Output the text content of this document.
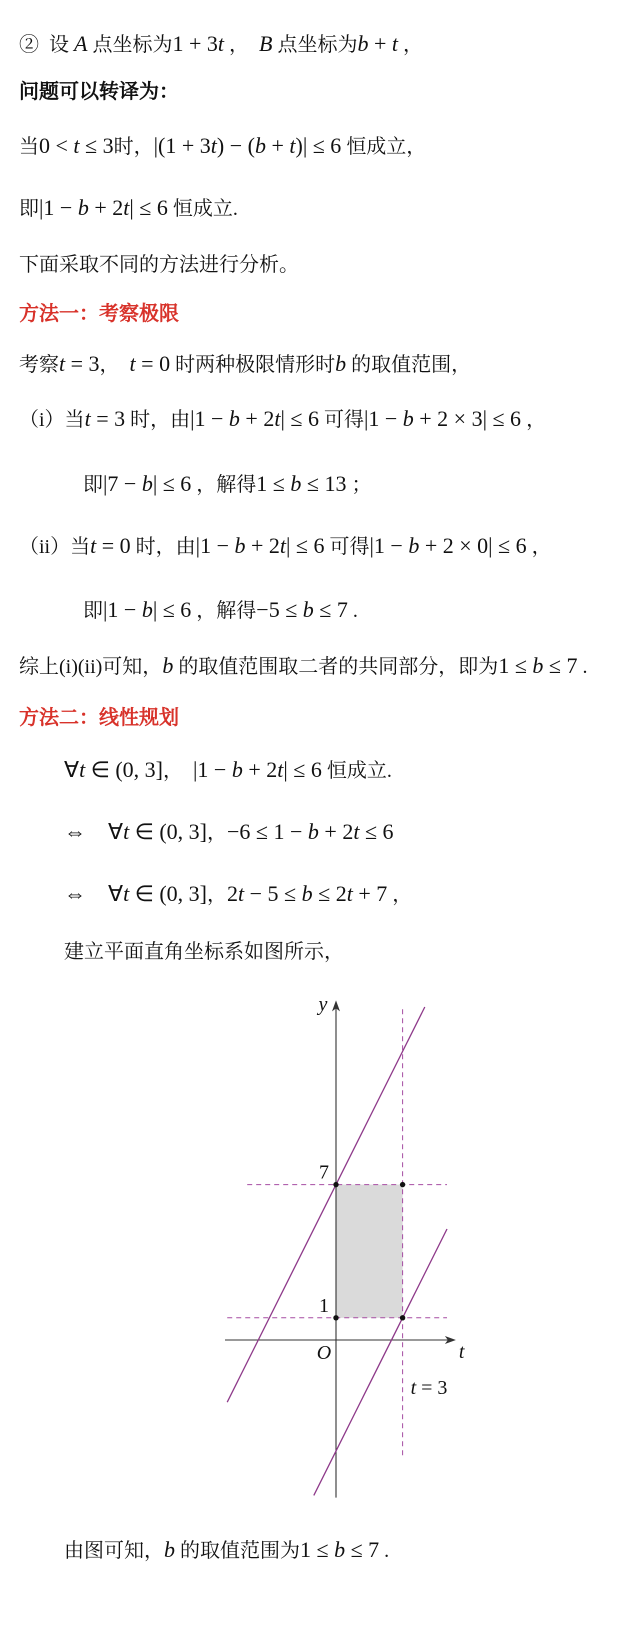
②  设 A 点坐标为1 + 3t ，  B 点坐标为b + t ，
问题可以转译为：
当0 < t ≤ 3时，|(1 + 3t) − (b + t)| ≤ 6 恒成立，
即|1 − b + 2t| ≤ 6 恒成立.
下面采取不同的方法进行分析。
方法一：考察极限
考察t = 3，  t = 0 时两种极限情形时b 的取值范围，
（i）当t = 3 时，由|1 − b + 2t| ≤ 6 可得|1 − b + 2 × 3| ≤ 6 ，
即|7 − b| ≤ 6 ，解得1 ≤ b ≤ 13 ；
（ii）当t = 0 时，由|1 − b + 2t| ≤ 6 可得|1 − b + 2 × 0| ≤ 6 ，
即|1 − b| ≤ 6 ，解得−5 ≤ b ≤ 7 .
综上(i)(ii)可知，b 的取值范围取二者的共同部分，即为1 ≤ b ≤ 7 .
方法二：线性规划
∀t ∈ (0, 3]，  |1 − b + 2t| ≤ 6 恒成立.
⇔    ∀t ∈ (0, 3]，−6 ≤ 1 − b + 2t ≤ 6
⇔    ∀t ∈ (0, 3]，2t − 5 ≤ b ≤ 2t + 7 ，
建立平面直角坐标系如图所示，
y
t
O
7
1
t = 3
由图可知，b 的取值范围为1 ≤ b ≤ 7 .
